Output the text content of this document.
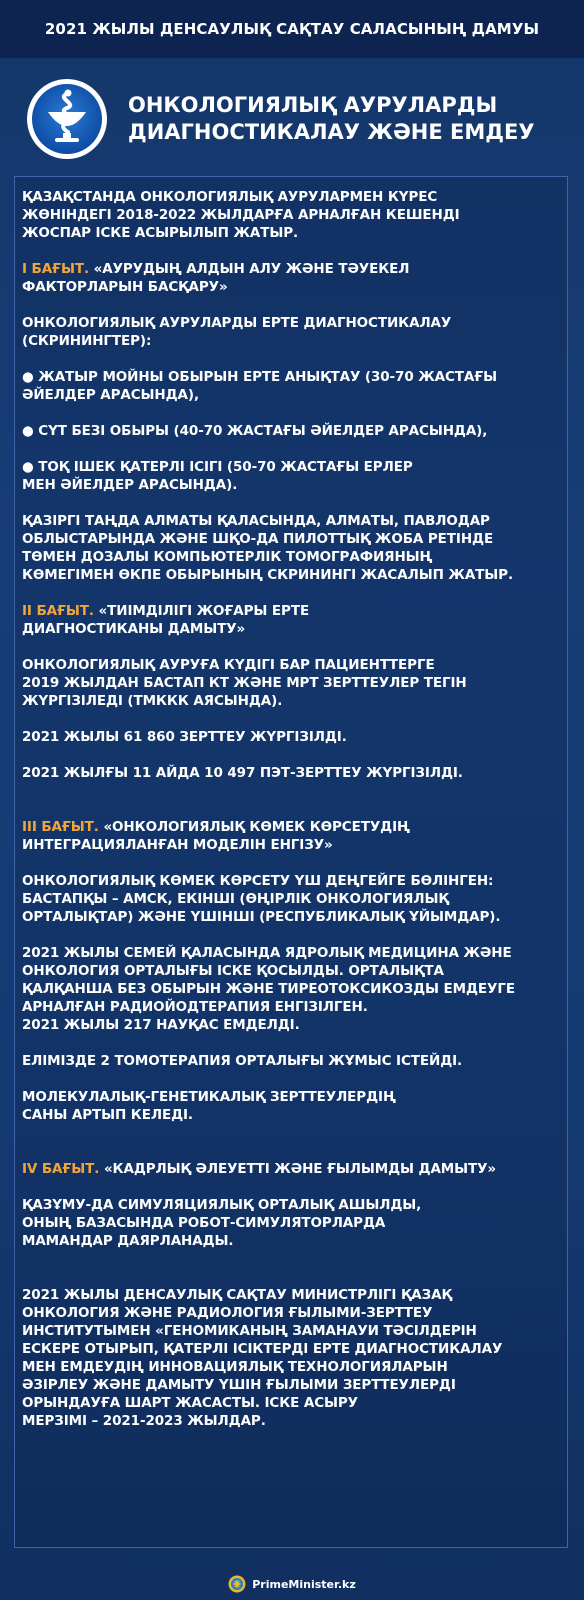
2021 ЖЫЛЫ ДЕНСАУЛЫҚ САҚТАУ САЛАСЫНЫҢ ДАМУЫ
ОНКОЛОГИЯЛЫҚ АУРУЛАРДЫ
ДИАГНОСТИКАЛАУ ЖӘНЕ ЕМДЕУ

ҚАЗАҚСТАНДА ОНКОЛОГИЯЛЫҚ АУРУЛАРМЕН КҮРЕС
ЖӨНІНДЕГІ 2018-2022 ЖЫЛДАРҒА АРНАЛҒАН КЕШЕНДІ
ЖОСПАР ІСКЕ АСЫРЫЛЫП ЖАТЫР.

І БАҒЫТ. «АУРУДЫҢ АЛДЫН АЛУ ЖӘНЕ ТӘУЕКЕЛ
ФАКТОРЛАРЫН БАСҚАРУ»

ОНКОЛОГИЯЛЫҚ АУРУЛАРДЫ ЕРТЕ ДИАГНОСТИКАЛАУ
(СКРИНИНГТЕР):

● ЖАТЫР МОЙНЫ ОБЫРЫН ЕРТЕ АНЫҚТАУ (30-70 ЖАСТАҒЫ
ӘЙЕЛДЕР АРАСЫНДА),

● СҮТ БЕЗІ ОБЫРЫ (40-70 ЖАСТАҒЫ ӘЙЕЛДЕР АРАСЫНДА),

● ТОҚ ІШЕК ҚАТЕРЛІ ІСІГІ (50-70 ЖАСТАҒЫ ЕРЛЕР
МЕН ӘЙЕЛДЕР АРАСЫНДА).

ҚАЗІРГІ ТАҢДА АЛМАТЫ ҚАЛАСЫНДА, АЛМАТЫ, ПАВЛОДАР
ОБЛЫСТАРЫНДА ЖӘНЕ ШҚО-ДА ПИЛОТТЫҚ ЖОБА РЕТІНДЕ
ТӨМЕН ДОЗАЛЫ КОМПЬЮТЕРЛІК ТОМОГРАФИЯНЫҢ
КӨМЕГІМЕН ӨКПЕ ОБЫРЫНЫҢ СКРИНИНГІ ЖАСАЛЫП ЖАТЫР.

ІІ БАҒЫТ. «ТИІМДІЛІГІ ЖОҒАРЫ ЕРТЕ
ДИАГНОСТИКАНЫ ДАМЫТУ»

ОНКОЛОГИЯЛЫҚ АУРУҒА КҮДІГІ БАР ПАЦИЕНТТЕРГЕ
2019 ЖЫЛДАН БАСТАП КТ ЖӘНЕ МРТ ЗЕРТТЕУЛЕР ТЕГІН
ЖҮРГІЗІЛЕДІ (ТМККК АЯСЫНДА).

2021 ЖЫЛЫ 61 860 ЗЕРТТЕУ ЖҮРГІЗІЛДІ.

2021 ЖЫЛҒЫ 11 АЙДА 10 497 ПЭТ-ЗЕРТТЕУ ЖҮРГІЗІЛДІ.

ІІІ БАҒЫТ. «ОНКОЛОГИЯЛЫҚ КӨМЕК КӨРСЕТУДІҢ
ИНТЕГРАЦИЯЛАНҒАН МОДЕЛІН ЕНГІЗУ»

ОНКОЛОГИЯЛЫҚ КӨМЕК КӨРСЕТУ ҮШ ДЕҢГЕЙГЕ БӨЛІНГЕН:
БАСТАПҚЫ – АМСК, ЕКІНШІ (ӨҢІРЛІК ОНКОЛОГИЯЛЫҚ
ОРТАЛЫҚТАР) ЖӘНЕ ҮШІНШІ (РЕСПУБЛИКАЛЫҚ ҰЙЫМДАР).

2021 ЖЫЛЫ СЕМЕЙ ҚАЛАСЫНДА ЯДРОЛЫҚ МЕДИЦИНА ЖӘНЕ
ОНКОЛОГИЯ ОРТАЛЫҒЫ ІСКЕ ҚОСЫЛДЫ. ОРТАЛЫҚТА
ҚАЛҚАНША БЕЗ ОБЫРЫН ЖӘНЕ ТИРЕОТОКСИКОЗДЫ ЕМДЕУГЕ
АРНАЛҒАН РАДИОЙОДТЕРАПИЯ ЕНГІЗІЛГЕН.
2021 ЖЫЛЫ 217 НАУҚАС ЕМДЕЛДІ.

ЕЛІМІЗДЕ 2 ТОМОТЕРАПИЯ ОРТАЛЫҒЫ ЖҰМЫС ІСТЕЙДІ.

МОЛЕКУЛАЛЫҚ-ГЕНЕТИКАЛЫҚ ЗЕРТТЕУЛЕРДІҢ
САНЫ АРТЫП КЕЛЕДІ.

IV БАҒЫТ. «КАДРЛЫҚ ӘЛЕУЕТТІ ЖӘНЕ ҒЫЛЫМДЫ ДАМЫТУ»

ҚАЗҰМУ-ДА СИМУЛЯЦИЯЛЫҚ ОРТАЛЫҚ АШЫЛДЫ,
ОНЫҢ БАЗАСЫНДА РОБОТ-СИМУЛЯТОРЛАРДА
МАМАНДАР ДАЯРЛАНАДЫ.

2021 ЖЫЛЫ ДЕНСАУЛЫҚ САҚТАУ МИНИСТРЛІГІ ҚАЗАҚ
ОНКОЛОГИЯ ЖӘНЕ РАДИОЛОГИЯ ҒЫЛЫМИ-ЗЕРТТЕУ
ИНСТИТУТЫМЕН «ГЕНОМИКАНЫҢ ЗАМАНАУИ ТӘСІЛДЕРІН
ЕСКЕРЕ ОТЫРЫП, ҚАТЕРЛІ ІСІКТЕРДІ ЕРТЕ ДИАГНОСТИКАЛАУ
МЕН ЕМДЕУДІҢ ИННОВАЦИЯЛЫҚ ТЕХНОЛОГИЯЛАРЫН
ӘЗІРЛЕУ ЖӘНЕ ДАМЫТУ ҮШІН ҒЫЛЫМИ ЗЕРТТЕУЛЕРДІ
ОРЫНДАУҒА ШАРТ ЖАСАСТЫ. ІСКЕ АСЫРУ
МЕРЗІМІ – 2021-2023 ЖЫЛДАР.

PrimeMinister.kz
